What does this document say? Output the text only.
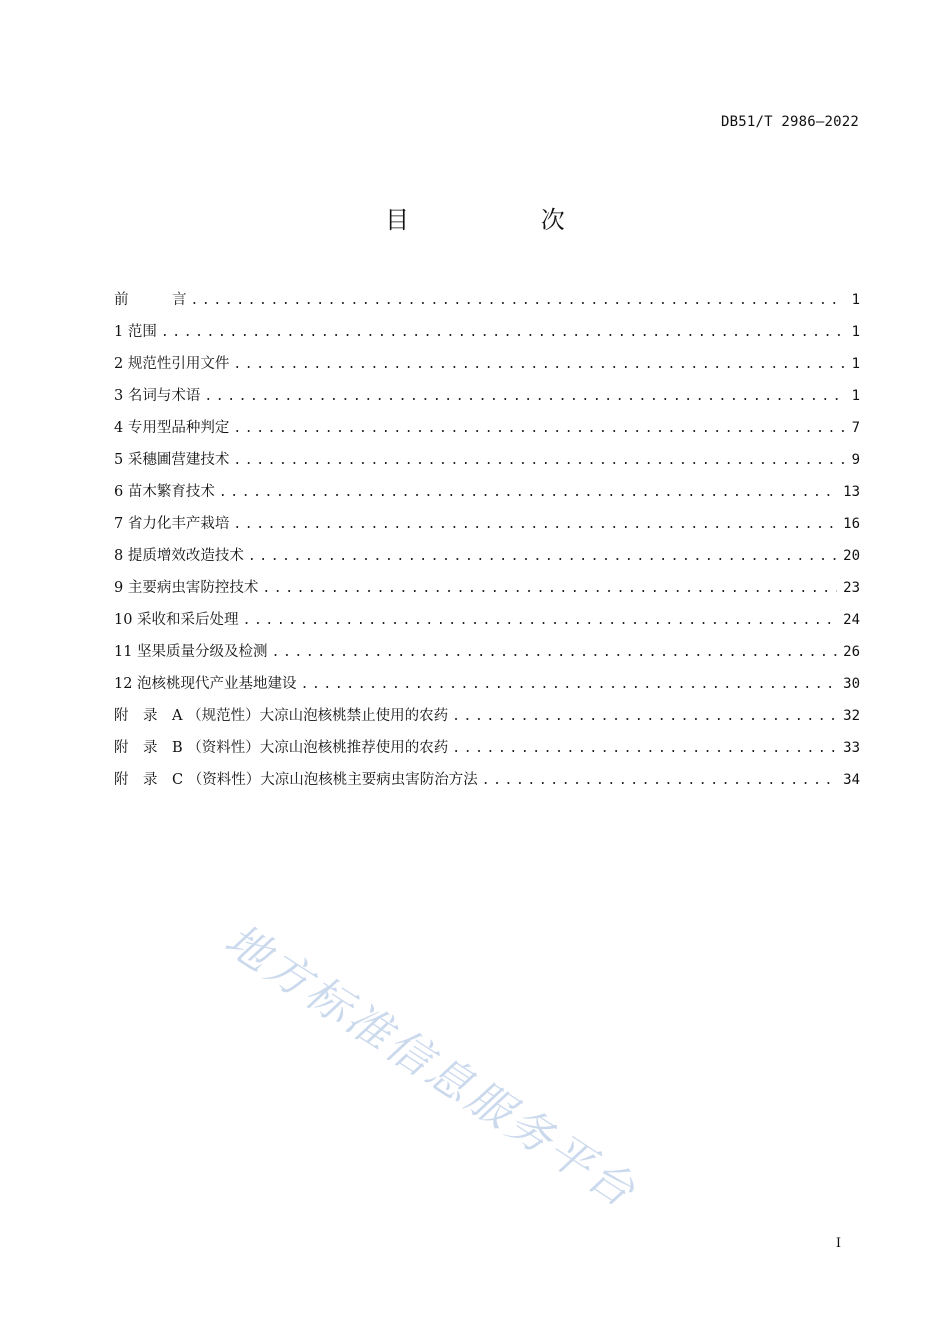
DB51/T 2986—2022
目 次
前　　　言 .....	1
1 范围 .....	1
2 规范性引用文件 .....	1
3 名词与术语 .....	1
4 专用型品种判定 .....	7
5 采穗圃营建技术 .....	9
6 苗木繁育技术 .....	13
7 省力化丰产栽培 .....	16
8 提质增效改造技术 .....	20
9 主要病虫害防控技术 .....	23
10 采收和采后处理 .....	24
11 坚果质量分级及检测 .....	26
12 泡核桃现代产业基地建设 .....	30
附　录　A （规范性）大凉山泡核桃禁止使用的农药 .....	32
附　录　B （资料性）大凉山泡核桃推荐使用的农药 .....	33
附　录　C （资料性）大凉山泡核桃主要病虫害防治方法 .....	34
地方标准信息服务平台
I
